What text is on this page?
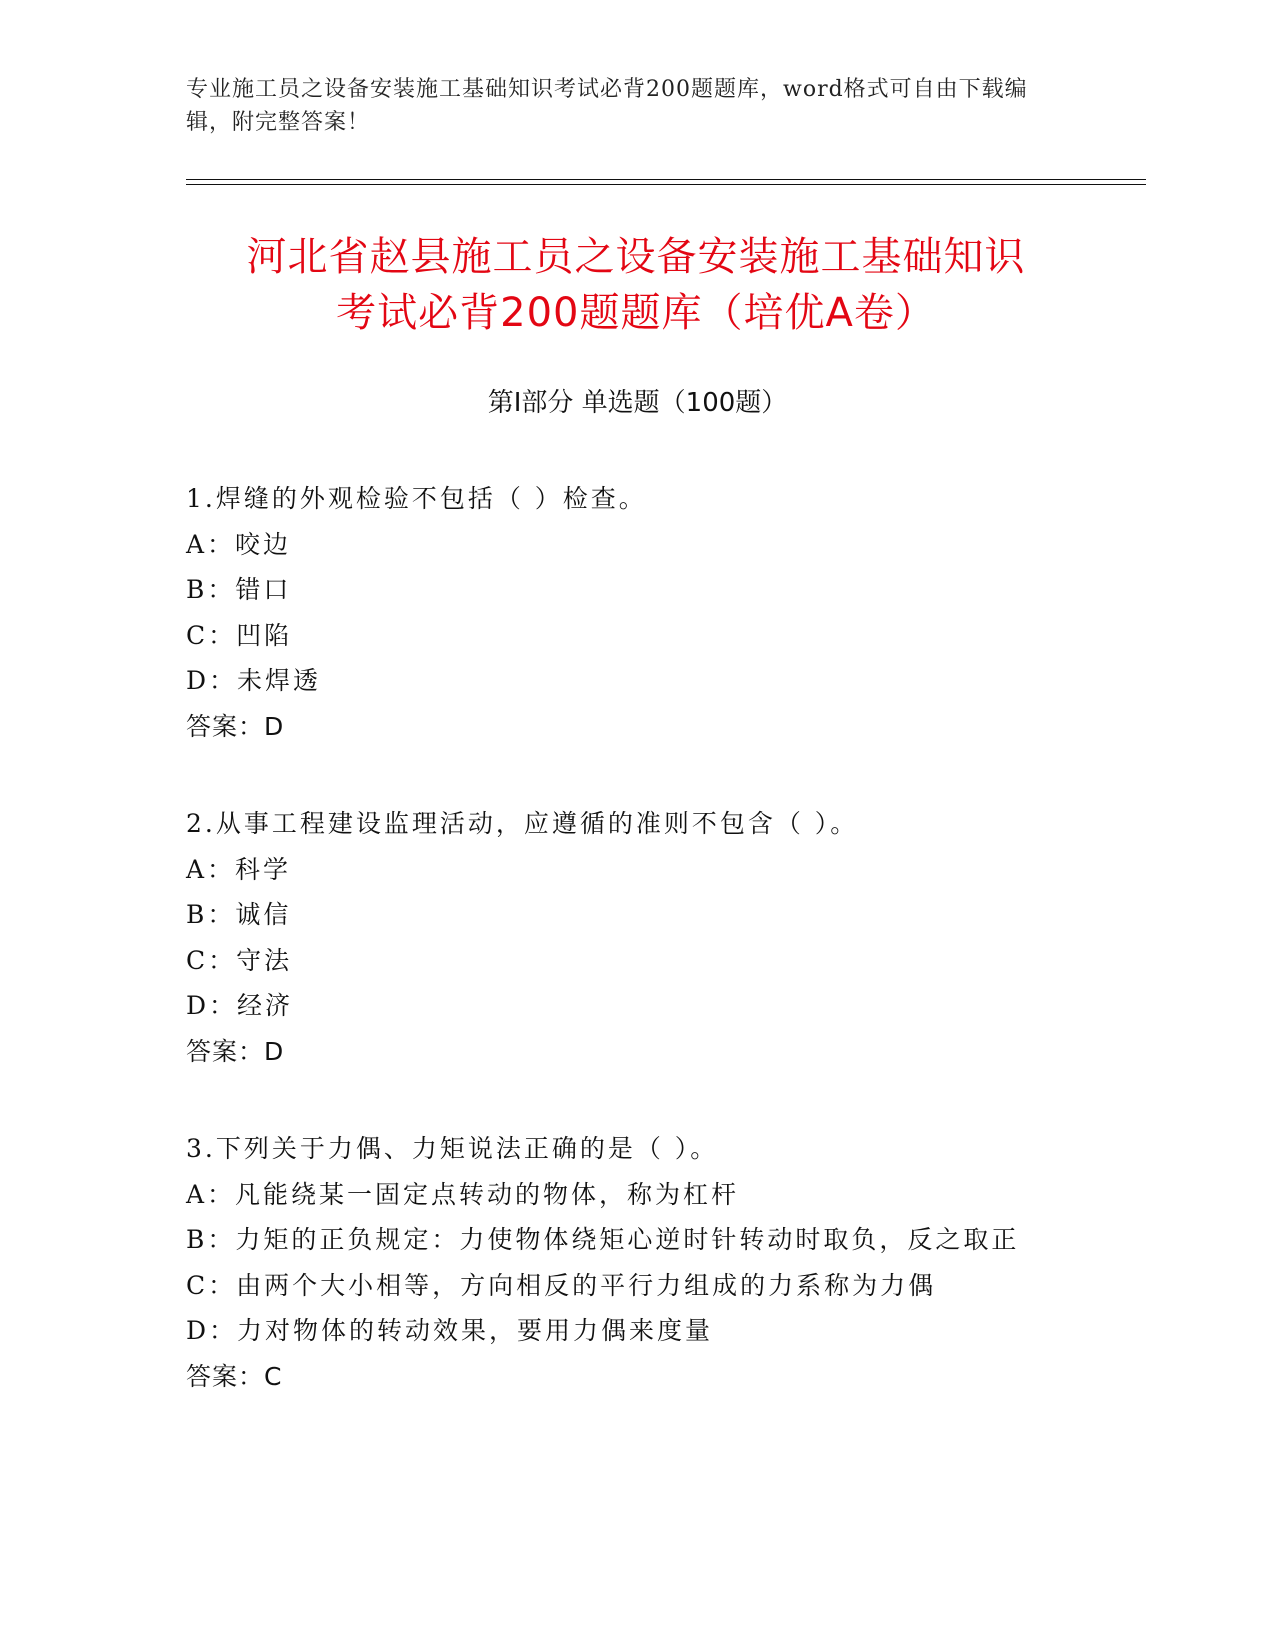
专业施工员之设备安装施工基础知识考试必背200题题库，word格式可自由下载编辑，附完整答案！
河北省赵县施工员之设备安装施工基础知识
考试必背200题题库（培优A卷）
第Ⅰ部分 单选题（100题）
1.焊缝的外观检验不包括（ ）检查。
A：咬边
B：错口
C：凹陷
D：未焊透
答案：D
2.从事工程建设监理活动，应遵循的准则不包含（ ）。
A：科学
B：诚信
C：守法
D：经济
答案：D
3.下列关于力偶、力矩说法正确的是（ ）。
A：凡能绕某一固定点转动的物体，称为杠杆
B：力矩的正负规定：力使物体绕矩心逆时针转动时取负，反之取正
C：由两个大小相等，方向相反的平行力组成的力系称为力偶
D：力对物体的转动效果，要用力偶来度量
答案：C
